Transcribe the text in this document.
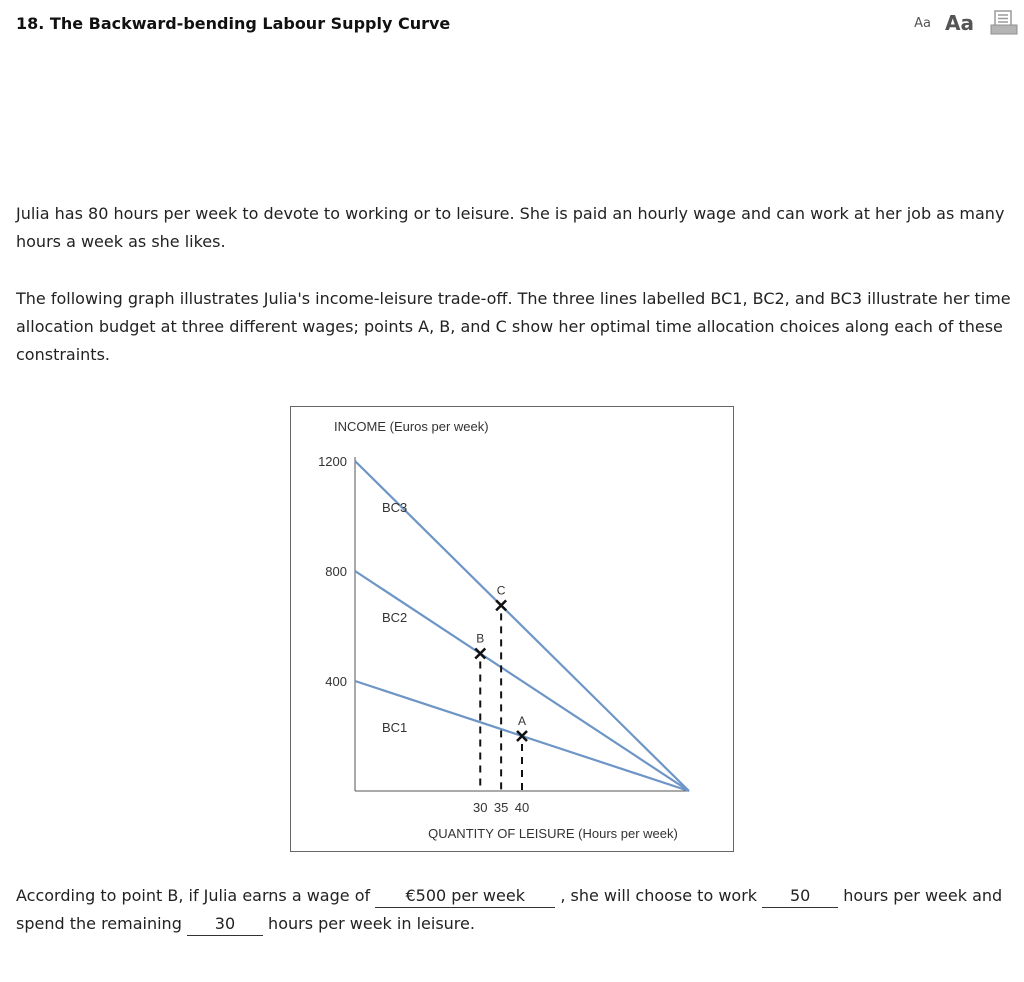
18. The Backward-bending Labour Supply Curve	Aa Aa

Julia has 80 hours per week to devote to working or to leisure. She is paid an hourly wage and can work at her job as many hours a week as she likes.

The following graph illustrates Julia's income-leisure trade-off. The three lines labelled BC1, BC2, and BC3 illustrate her time allocation budget at three different wages; points A, B, and C show her optimal time allocation choices along each of these constraints.

INCOME (Euros per week)
QUANTITY OF LEISURE (Hours per week)
1200
800
400
BC1
BC2
BC3
A
B
C
30 35 40
According to point B, if Julia earns a wage of €500 per week , she will choose to work 50 hours per week and spend the remaining 30 hours per week in leisure.
